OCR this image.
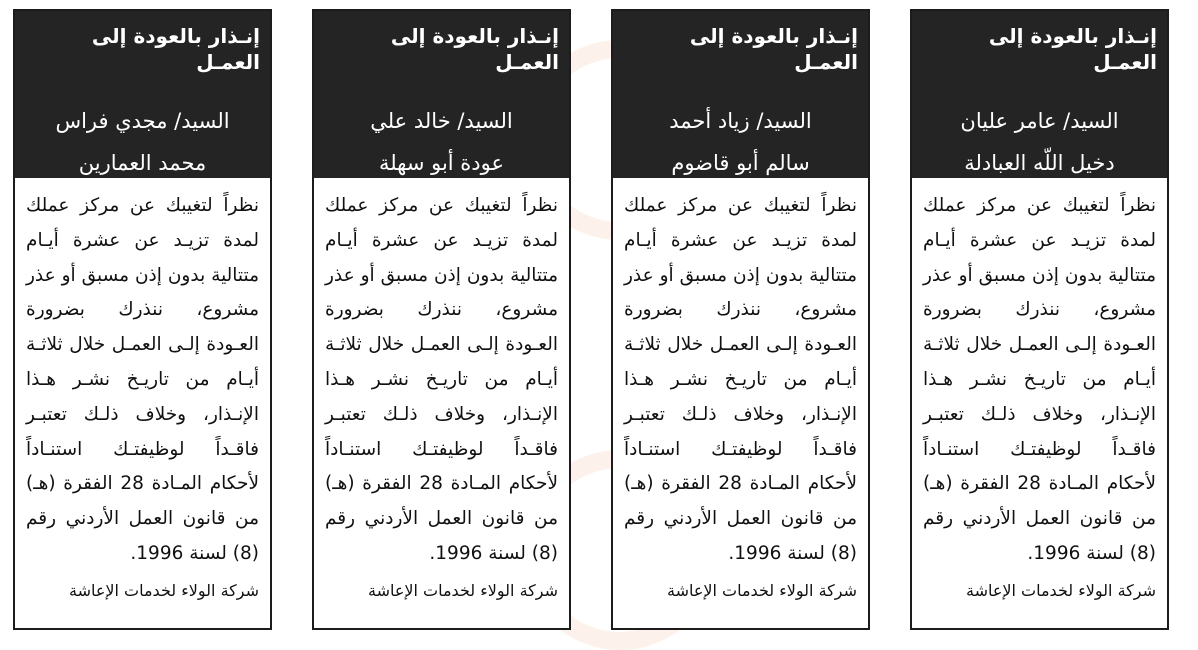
إنـذار بالعودة إلى العمـل
السيد/ عامر عليان
دخيل اللّه العبادلة
نظراً لتغيبك عن مركز عملك لمدة تزيـد عن عشرة أيـام متتالية بدون إذن مسبق أو عذر مشروع، ننذرك بضرورة العـودة إلـى العمـل خلال ثلاثـة أيـام من تاريـخ نشـر هـذا الإنـذار، وخلاف ذلـك تعتبـر فاقـداً لوظيفتـك استنـاداً لأحكام المـادة 28 الفقرة (هـ) من قانون العمل الأردني رقم (8) لسنة 1996.
شركة الولاء لخدمات الإعاشة
إنـذار بالعودة إلى العمـل
السيد/ زياد أحمد
سالم أبو قاضوم
نظراً لتغيبك عن مركز عملك لمدة تزيـد عن عشرة أيـام متتالية بدون إذن مسبق أو عذر مشروع، ننذرك بضرورة العـودة إلـى العمـل خلال ثلاثـة أيـام من تاريـخ نشـر هـذا الإنـذار، وخلاف ذلـك تعتبـر فاقـداً لوظيفتـك استنـاداً لأحكام المـادة 28 الفقرة (هـ) من قانون العمل الأردني رقم (8) لسنة 1996.
شركة الولاء لخدمات الإعاشة
إنـذار بالعودة إلى العمـل
السيد/ خالد علي
عودة أبو سهلة
نظراً لتغيبك عن مركز عملك لمدة تزيـد عن عشرة أيـام متتالية بدون إذن مسبق أو عذر مشروع، ننذرك بضرورة العـودة إلـى العمـل خلال ثلاثـة أيـام من تاريـخ نشـر هـذا الإنـذار، وخلاف ذلـك تعتبـر فاقـداً لوظيفتـك استنـاداً لأحكام المـادة 28 الفقرة (هـ) من قانون العمل الأردني رقم (8) لسنة 1996.
شركة الولاء لخدمات الإعاشة
إنـذار بالعودة إلى العمـل
السيد/ مجدي فراس
محمد العمارين
نظراً لتغيبك عن مركز عملك لمدة تزيـد عن عشرة أيـام متتالية بدون إذن مسبق أو عذر مشروع، ننذرك بضرورة العـودة إلـى العمـل خلال ثلاثـة أيـام من تاريـخ نشـر هـذا الإنـذار، وخلاف ذلـك تعتبـر فاقـداً لوظيفتـك استنـاداً لأحكام المـادة 28 الفقرة (هـ) من قانون العمل الأردني رقم (8) لسنة 1996.
شركة الولاء لخدمات الإعاشة
